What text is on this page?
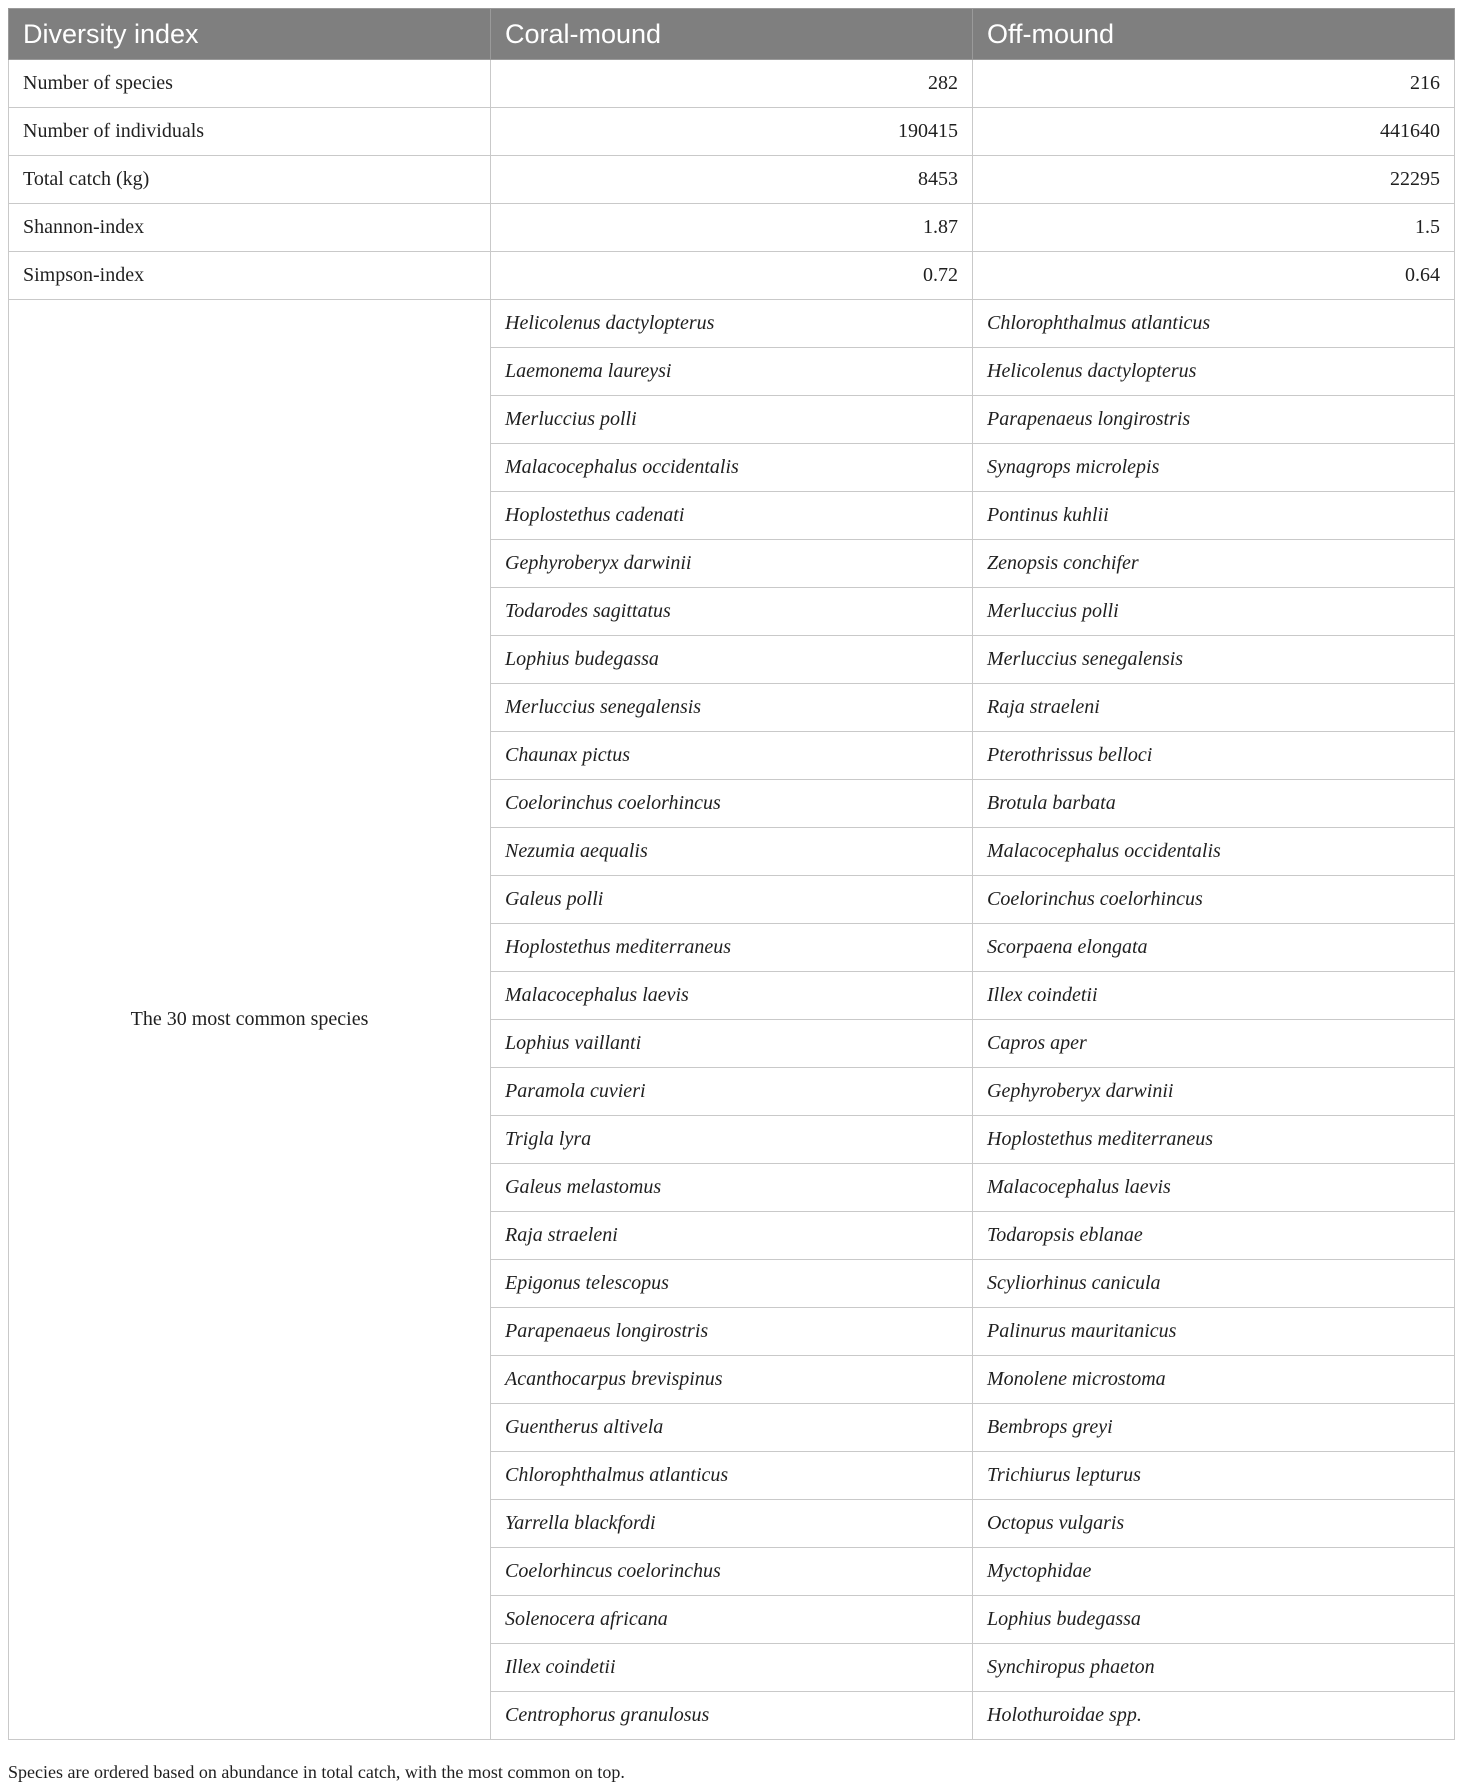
Diversity index	Coral-mound	Off-mound
Number of species	282	216
Number of individuals	190415	441640
Total catch (kg)	8453	22295
Shannon-index	1.87	1.5
Simpson-index	0.72	0.64
The 30 most common species	Helicolenus dactylopterus	Chlorophthalmus atlanticus
	Laemonema laureysi	Helicolenus dactylopterus
	Merluccius polli	Parapenaeus longirostris
	Malacocephalus occidentalis	Synagrops microlepis
	Hoplostethus cadenati	Pontinus kuhlii
	Gephyroberyx darwinii	Zenopsis conchifer
	Todarodes sagittatus	Merluccius polli
	Lophius budegassa	Merluccius senegalensis
	Merluccius senegalensis	Raja straeleni
	Chaunax pictus	Pterothrissus belloci
	Coelorinchus coelorhincus	Brotula barbata
	Nezumia aequalis	Malacocephalus occidentalis
	Galeus polli	Coelorinchus coelorhincus
	Hoplostethus mediterraneus	Scorpaena elongata
	Malacocephalus laevis	Illex coindetii
	Lophius vaillanti	Capros aper
	Paramola cuvieri	Gephyroberyx darwinii
	Trigla lyra	Hoplostethus mediterraneus
	Galeus melastomus	Malacocephalus laevis
	Raja straeleni	Todaropsis eblanae
	Epigonus telescopus	Scyliorhinus canicula
	Parapenaeus longirostris	Palinurus mauritanicus
	Acanthocarpus brevispinus	Monolene microstoma
	Guentherus altivela	Bembrops greyi
	Chlorophthalmus atlanticus	Trichiurus lepturus
	Yarrella blackfordi	Octopus vulgaris
	Coelorhincus coelorinchus	Myctophidae
	Solenocera africana	Lophius budegassa
	Illex coindetii	Synchiropus phaeton
	Centrophorus granulosus	Holothuroidae spp.
Species are ordered based on abundance in total catch, with the most common on top.
